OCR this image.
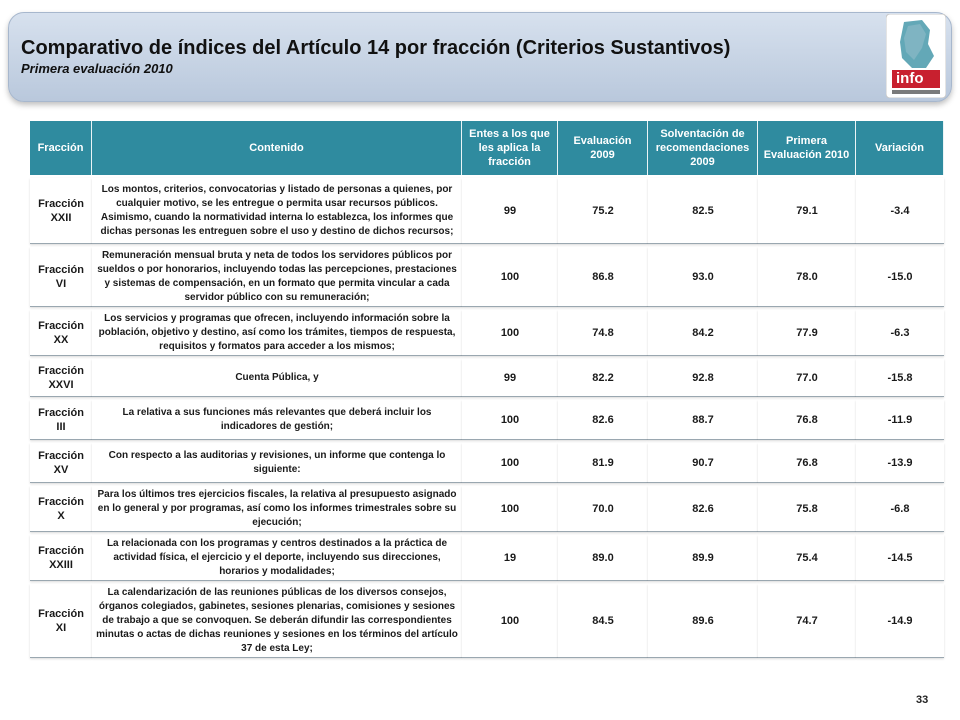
Comparativo de índices del Artículo 14 por fracción (Criterios Sustantivos)
Primera evaluación 2010
info
Fracción	Contenido	Entes a los que les aplica la fracción	Evaluación 2009	Solventación de recomendaciones 2009	Primera Evaluación 2010	Variación
Fracción XXII	Los montos, criterios, convocatorias y listado de personas a quienes, por cualquier motivo, se les entregue o permita usar recursos públicos. Asimismo, cuando la normatividad interna lo establezca, los informes que dichas personas les entreguen sobre el uso y destino de dichos recursos;	99	75.2	82.5	79.1	-3.4
Fracción VI	Remuneración mensual bruta y neta de todos los servidores públicos por sueldos o por honorarios, incluyendo todas las percepciones, prestaciones y sistemas de compensación, en un formato que permita vincular a cada servidor público con su remuneración;	100	86.8	93.0	78.0	-15.0
Fracción XX	Los servicios y programas que ofrecen, incluyendo información sobre la población, objetivo y destino, así como los trámites, tiempos de respuesta, requisitos y formatos para acceder a los mismos;	100	74.8	84.2	77.9	-6.3
Fracción XXVI	Cuenta Pública, y	99	82.2	92.8	77.0	-15.8
Fracción III	La relativa a sus funciones más relevantes que deberá incluir los indicadores de gestión;	100	82.6	88.7	76.8	-11.9
Fracción XV	Con respecto a las auditorias y revisiones, un informe que contenga lo siguiente:	100	81.9	90.7	76.8	-13.9
Fracción X	Para los últimos tres ejercicios fiscales, la relativa al presupuesto asignado en lo general y por programas, así como los informes trimestrales sobre su ejecución;	100	70.0	82.6	75.8	-6.8
Fracción XXIII	La relacionada con los programas y centros destinados a la práctica de actividad física, el ejercicio y el deporte, incluyendo sus direcciones, horarios y modalidades;	19	89.0	89.9	75.4	-14.5
Fracción XI	La calendarización de las reuniones públicas de los diversos consejos, órganos colegiados, gabinetes, sesiones plenarias, comisiones y sesiones de trabajo a que se convoquen. Se deberán difundir las correspondientes minutas o actas de dichas reuniones y sesiones en los términos del artículo 37 de esta Ley;	100	84.5	89.6	74.7	-14.9
33
